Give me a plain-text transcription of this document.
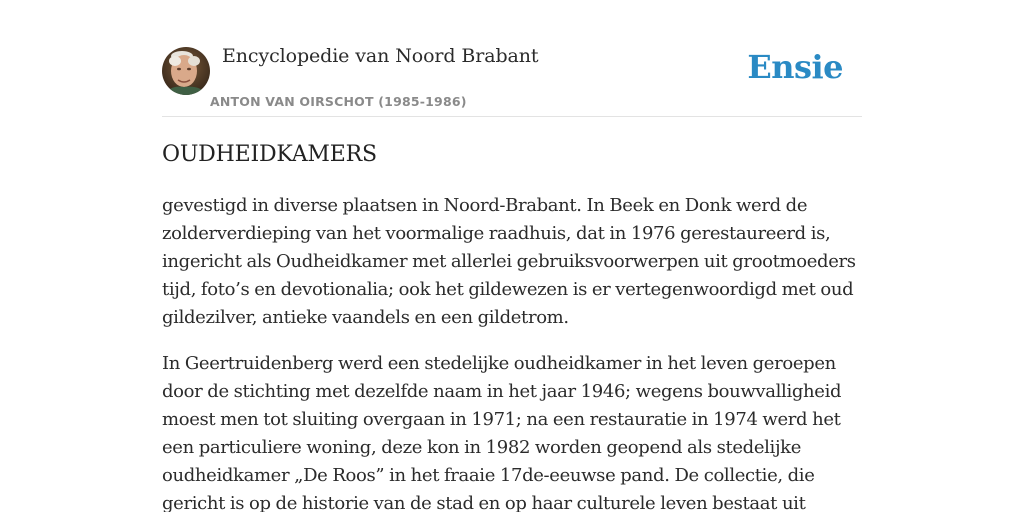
Encyclopedie van Noord Brabant
ANTON VAN OIRSCHOT (1985-1986)
Ensie
OUDHEIDKAMERS

gevestigd in diverse plaatsen in Noord-Brabant. In Beek en Donk werd de zolderverdieping van het voormalige raadhuis, dat in 1976 gerestaureerd is, ingericht als Oudheidkamer met allerlei gebruiksvoorwerpen uit grootmoeders tijd, foto’s en devotionalia; ook het gildewezen is er vertegenwoordigd met oud gildezilver, antieke vaandels en een gildetrom.

In Geertruidenberg werd een stedelijke oudheidkamer in het leven geroepen door de stichting met dezelfde naam in het jaar 1946; wegens bouwvalligheid moest men tot sluiting overgaan in 1971; na een restauratie in 1974 werd het een particuliere woning, deze kon in 1982 worden geopend als stedelijke oudheidkamer „De Roos” in het fraaie 17de-eeuwse pand. De collectie, die gericht is op de historie van de stad en op haar culturele leven bestaat uit
